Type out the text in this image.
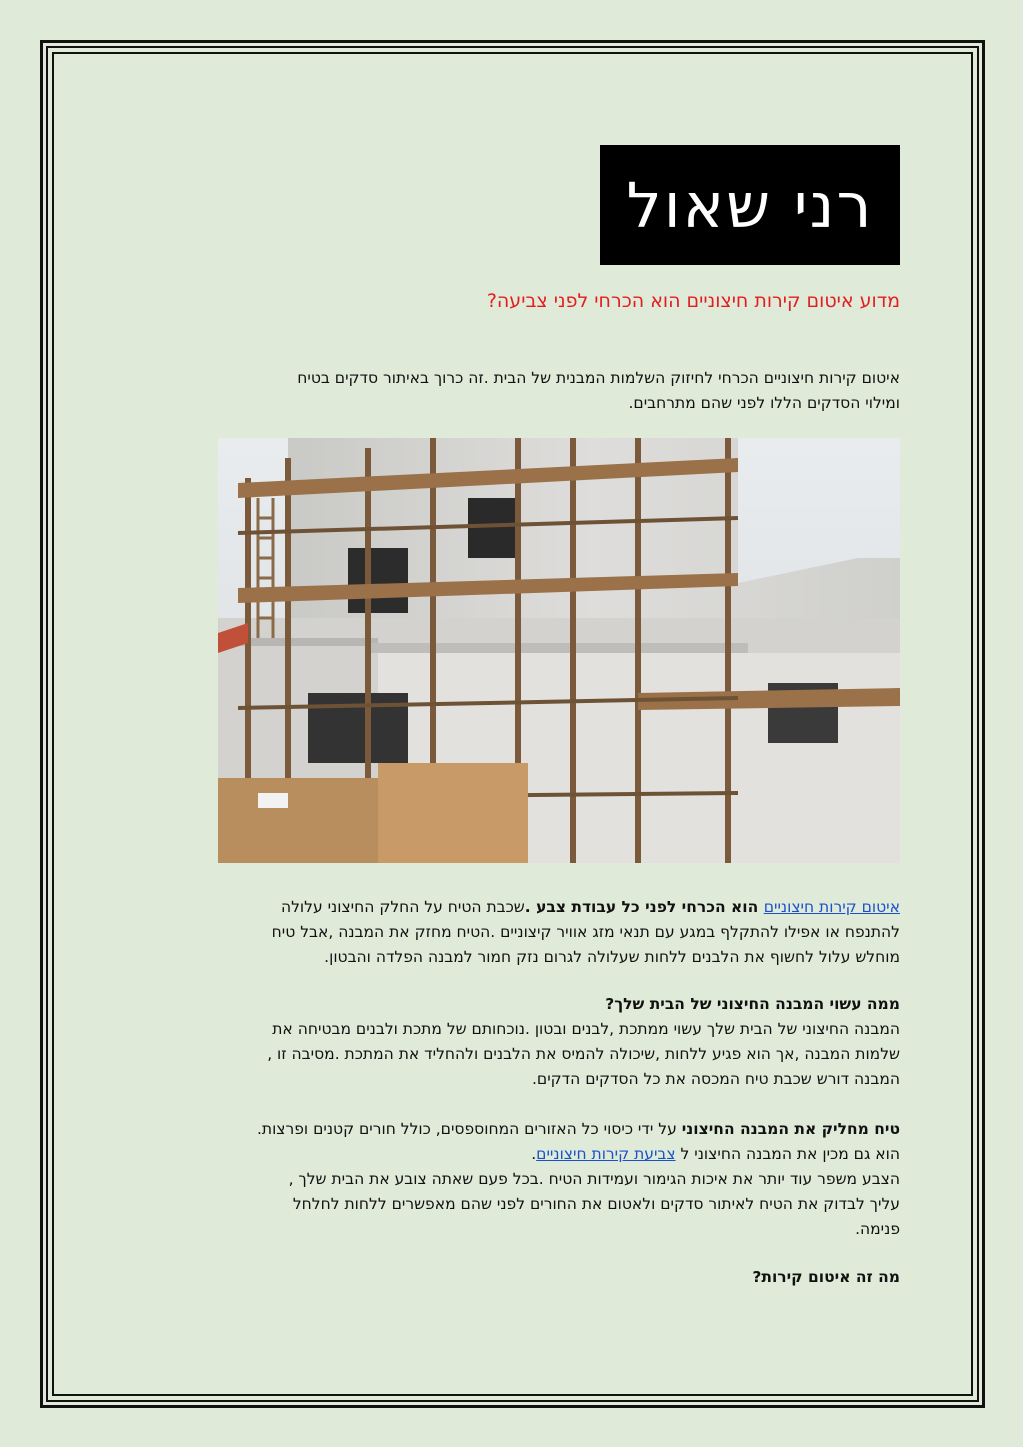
רני שאול
מדוע איטום קירות חיצוניים הוא הכרחי לפני צביעה?
איטום קירות חיצוניים הכרחי לחיזוק השלמות המבנית של הבית .זה כרוך באיתור סדקים בטיח
ומילוי הסדקים הללו לפני שהם מתרחבים.
איטום קירות חיצוניים הוא הכרחי לפני כל עבודת צבע .שכבת הטיח על החלק החיצוני עלולה
להתנפח או אפילו להתקלף במגע עם תנאי מזג אוויר קיצוניים .הטיח מחזק את המבנה ,אבל טיח
מוחלש עלול לחשוף את הלבנים ללחות שעלולה לגרום נזק חמור למבנה הפלדה והבטון.
ממה עשוי המבנה החיצוני של הבית שלך?
המבנה החיצוני של הבית שלך עשוי ממתכת ,לבנים ובטון .נוכחותם של מתכת ולבנים מבטיחה את
שלמות המבנה ,אך הוא פגיע ללחות ,שיכולה להמיס את הלבנים ולהחליד את המתכת .מסיבה זו ,
המבנה דורש שכבת טיח המכסה את כל הסדקים הדקים.
טיח מחליק את המבנה החיצוני על ידי כיסוי כל האזורים המחוספסים, כולל חורים קטנים ופרצות.
הוא גם מכין את המבנה החיצוני ל צביעת קירות חיצוניים.
הצבע משפר עוד יותר את איכות הגימור ועמידות הטיח .בכל פעם שאתה צובע את הבית שלך ,
עליך לבדוק את הטיח לאיתור סדקים ולאטום את החורים לפני שהם מאפשרים ללחות לחלחל
פנימה.
מה זה איטום קירות?
